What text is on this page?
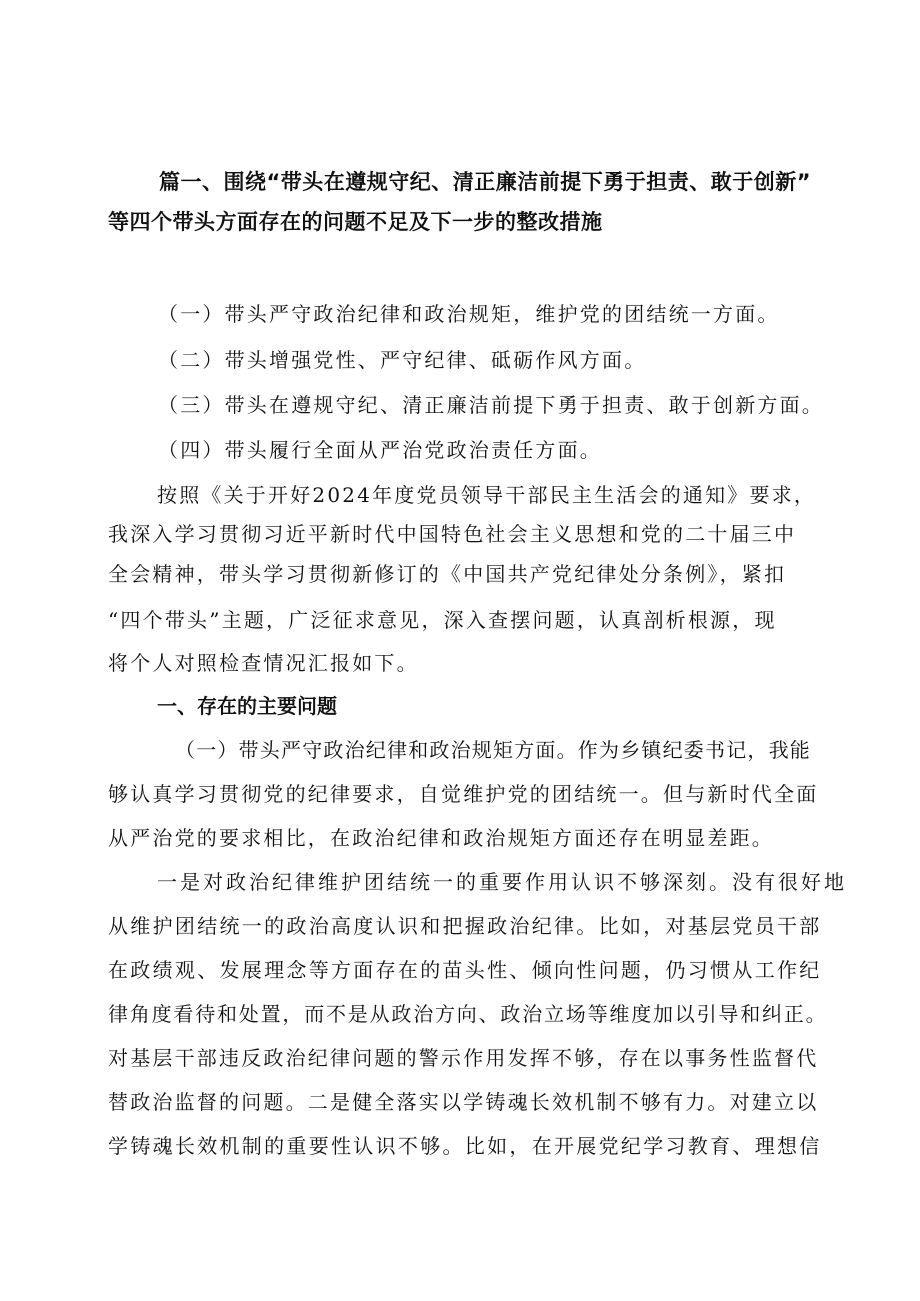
篇一、围绕“带头在遵规守纪、清正廉洁前提下勇于担责、敢于创新”
等四个带头方面存在的问题不足及下一步的整改措施
（一）带头严守政治纪律和政治规矩，维护党的团结统一方面。
（二）带头增强党性、严守纪律、砥砺作风方面。
（三）带头在遵规守纪、清正廉洁前提下勇于担责、敢于创新方面。
（四）带头履行全面从严治党政治责任方面。
按照《关于开好2024年度党员领导干部民主生活会的通知》要求，
我深入学习贯彻习近平新时代中国特色社会主义思想和党的二十届三中
全会精神，带头学习贯彻新修订的《中国共产党纪律处分条例》，紧扣
“四个带头”主题，广泛征求意见，深入查摆问题，认真剖析根源，现
将个人对照检查情况汇报如下。
一、存在的主要问题
（一）带头严守政治纪律和政治规矩方面。作为乡镇纪委书记，我能
够认真学习贯彻党的纪律要求，自觉维护党的团结统一。但与新时代全面
从严治党的要求相比，在政治纪律和政治规矩方面还存在明显差距。
一是对政治纪律维护团结统一的重要作用认识不够深刻。没有很好地
从维护团结统一的政治高度认识和把握政治纪律。比如，对基层党员干部
在政绩观、发展理念等方面存在的苗头性、倾向性问题，仍习惯从工作纪
律角度看待和处置，而不是从政治方向、政治立场等维度加以引导和纠正。
对基层干部违反政治纪律问题的警示作用发挥不够，存在以事务性监督代
替政治监督的问题。二是健全落实以学铸魂长效机制不够有力。对建立以
学铸魂长效机制的重要性认识不够。比如，在开展党纪学习教育、理想信
